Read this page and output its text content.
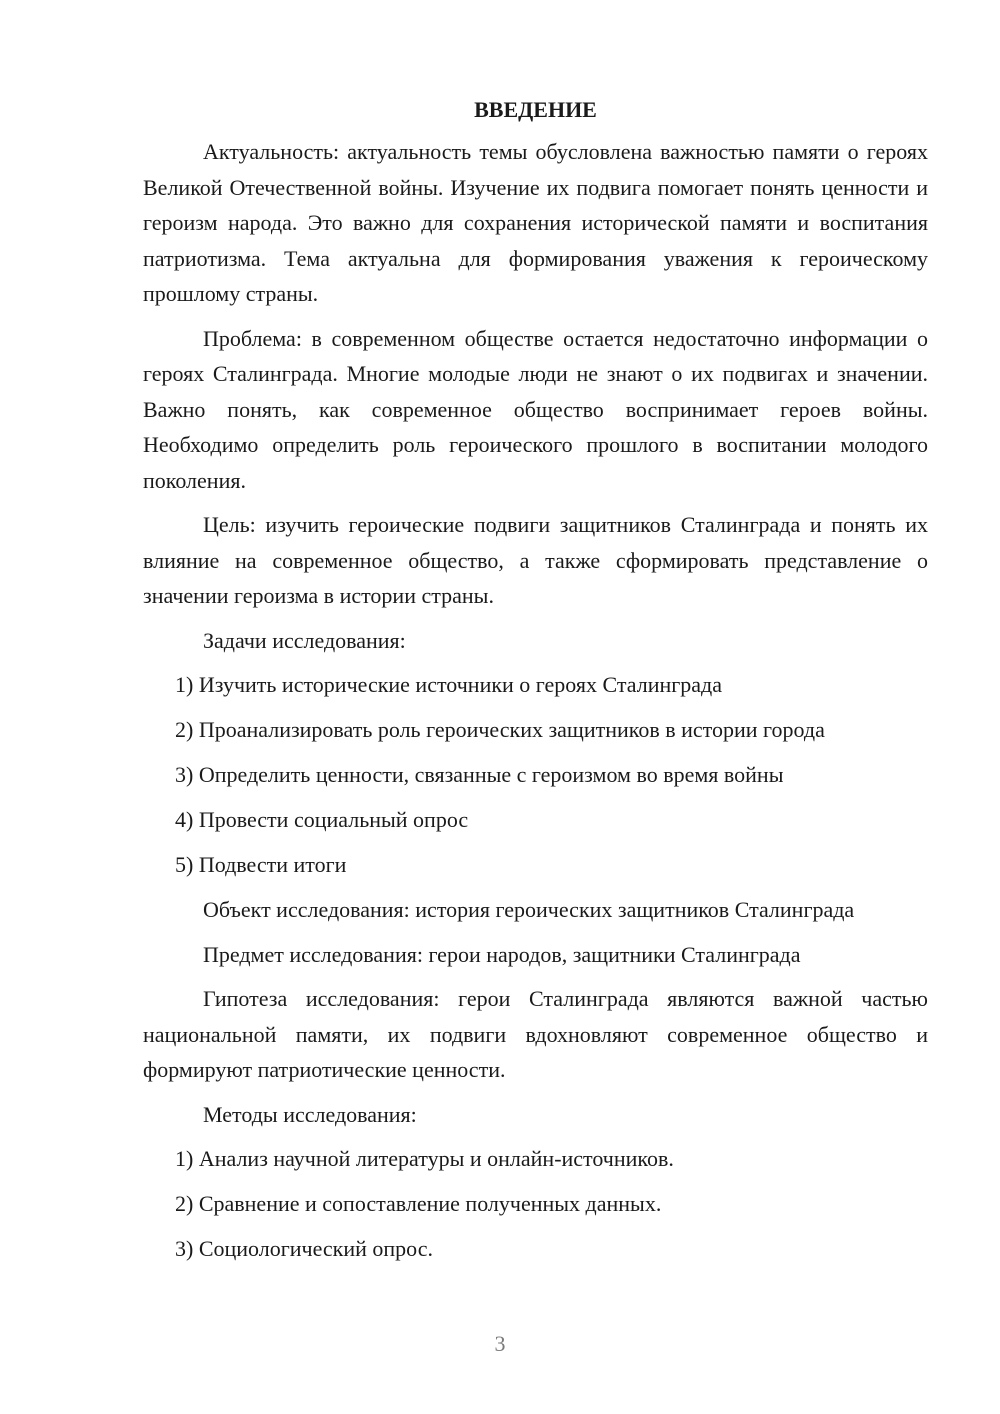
ВВЕДЕНИЕ

Актуальность: актуальность темы обусловлена важностью памяти о героях Великой Отечественной войны. Изучение их подвига помогает понять ценности и героизм народа. Это важно для сохранения исторической памяти и воспитания патриотизма. Тема актуальна для формирования уважения к героическому прошлому страны.

Проблема: в современном обществе остается недостаточно информации о героях Сталинграда. Многие молодые люди не знают о их подвигах и значении. Важно понять, как современное общество воспринимает героев войны. Необходимо определить роль героического прошлого в воспитании молодого поколения.

Цель: изучить героические подвиги защитников Сталинграда и понять их влияние на современное общество, а также сформировать представление о значении героизма в истории страны.

Задачи исследования:

1) Изучить исторические источники о героях Сталинграда
2) Проанализировать роль героических защитников в истории города
3) Определить ценности, связанные с героизмом во время войны
4) Провести социальный опрос
5) Подвести итоги

Объект исследования: история героических защитников Сталинграда

Предмет исследования: герои народов, защитники Сталинграда

Гипотеза исследования: герои Сталинграда являются важной частью национальной памяти, их подвиги вдохновляют современное общество и формируют патриотические ценности.

Методы исследования:

1) Анализ научной литературы и онлайн-источников.
2) Сравнение и сопоставление полученных данных.
3) Социологический опрос.
3
